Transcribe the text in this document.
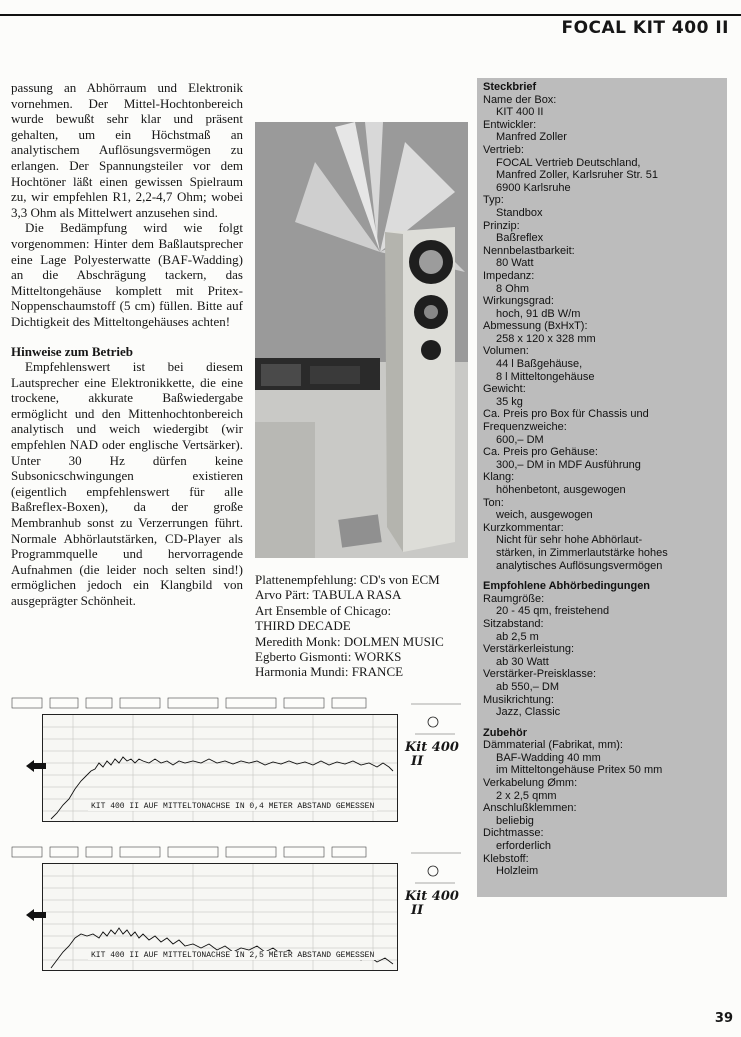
FOCAL KIT 400 II

passung an Abhörraum und Elektronik vornehmen. Der Mittel-Hochtonbereich wurde bewußt sehr klar und präsent gehalten, um ein Höchstmaß an analytischem Auflösungsvermögen zu erlangen. Der Spannungsteiler vor dem Hochtöner läßt einen gewissen Spielraum zu, wir empfehlen R1, 2,2-4,7 Ohm; wobei 3,3 Ohm als Mittelwert anzusehen sind.

Die Bedämpfung wird wie folgt vorgenommen: Hinter dem Baßlautsprecher eine Lage Polyesterwatte (BAF-Wadding) an die Abschrägung tackern, das Mitteltongehäuse komplett mit Pritex-Noppenschaumstoff (5 cm) füllen. Bitte auf Dichtigkeit des Mitteltongehäuses achten!

Hinweise zum Betrieb

Empfehlenswert ist bei diesem Lautsprecher eine Elektronikkette, die eine trockene, akkurate Baßwiedergabe ermöglicht und den Mittenhochtonbereich analytisch und weich wiedergibt (wir empfehlen NAD oder englische Vertsärker). Unter 30 Hz dürfen keine Subsonicschwingungen existieren (eigentlich empfehlenswert für alle Baßreflex-Boxen), da der große Membranhub sonst zu Verzerrungen führt. Normale Abhörlautstärken, CD-Player als Programmquelle und hervorragende Aufnahmen (die leider noch selten sind!) ermöglichen jedoch ein Klangbild von ausgeprägter Schönheit.

Plattenempfehlung: CD's von ECM
Arvo Pärt: TABULA RASA
Art Ensemble of Chicago:
THIRD DECADE
Meredith Monk: DOLMEN MUSIC
Egberto Gismonti: WORKS
Harmonia Mundi: FRANCE
Steckbrief
Name der Box:
KIT 400 II
Entwickler:
Manfred Zoller
Vertrieb:
FOCAL Vertrieb Deutschland,
Manfred Zoller, Karlsruher Str. 51
6900 Karlsruhe
Typ:
Standbox
Prinzip:
Baßreflex
Nennbelastbarkeit:
80 Watt
Impedanz:
8 Ohm
Wirkungsgrad:
hoch, 91 dB W/m
Abmessung (BxHxT):
258 x 120 x 328 mm
Volumen:
44 l Baßgehäuse,
8 l Mitteltongehäuse
Gewicht:
35 kg
Ca. Preis pro Box für Chassis und
Frequenzweiche:
600,– DM
Ca. Preis pro Gehäuse:
300,– DM in MDF Ausführung
Klang:
höhenbetont, ausgewogen
Ton:
weich, ausgewogen
Kurzkommentar:
Nicht für sehr hohe Abhörlaut-
stärken, in Zimmerlautstärke hohes
analytisches Auflösungsvermögen
Empfohlene Abhörbedingungen
Raumgröße:
20 - 45 qm, freistehend
Sitzabstand:
ab 2,5 m
Verstärkerleistung:
ab 30 Watt
Verstärker-Preisklasse:
ab 550,– DM
Musikrichtung:
Jazz, Classic
Zubehör
Dämmaterial (Fabrikat, mm):
BAF-Wadding 40 mm
im Mitteltongehäuse Pritex 50 mm
Verkabelung Ømm:
2 x 2,5 qmm
Anschlußklemmen:
beliebig
Dichtmasse:
erforderlich
Klebstoff:
Holzleim
KIT 400 II AUF MITTELTONACHSE IN 0,4 METER ABSTAND GEMESSEN
Kit 400
II
KIT 400 II AUF MITTELTONACHSE IN 2,5 METER ABSTAND GEMESSEN
Kit 400
II
39
